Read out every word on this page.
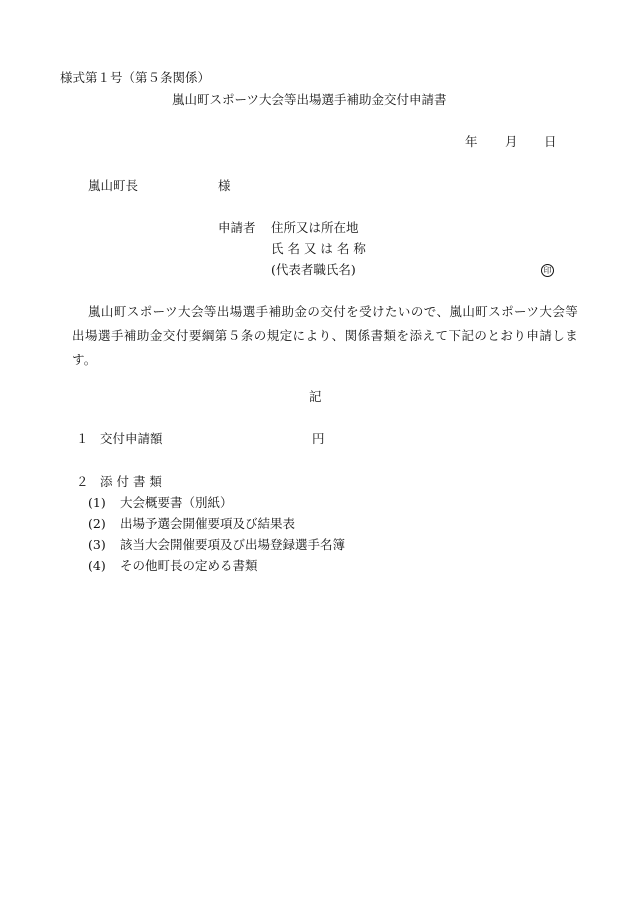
様式第１号（第５条関係）
嵐山町スポーツ大会等出場選手補助金交付申請書
年 月 日
嵐山町長	様
申請者 住所又は所在地
氏 名 又 は 名 称
(代表者職氏名)	印
嵐山町スポーツ大会等出場選手補助金の交付を受けたいので、嵐山町スポーツ大会等出場選手補助金交付要綱第５条の規定により、関係書類を添えて下記のとおり申請します。
記
１ 交付申請額	円
２ 添 付 書 類
(1) 大会概要書（別紙）
(2) 出場予選会開催要項及び結果表
(3) 該当大会開催要項及び出場登録選手名簿
(4) その他町長の定める書類
